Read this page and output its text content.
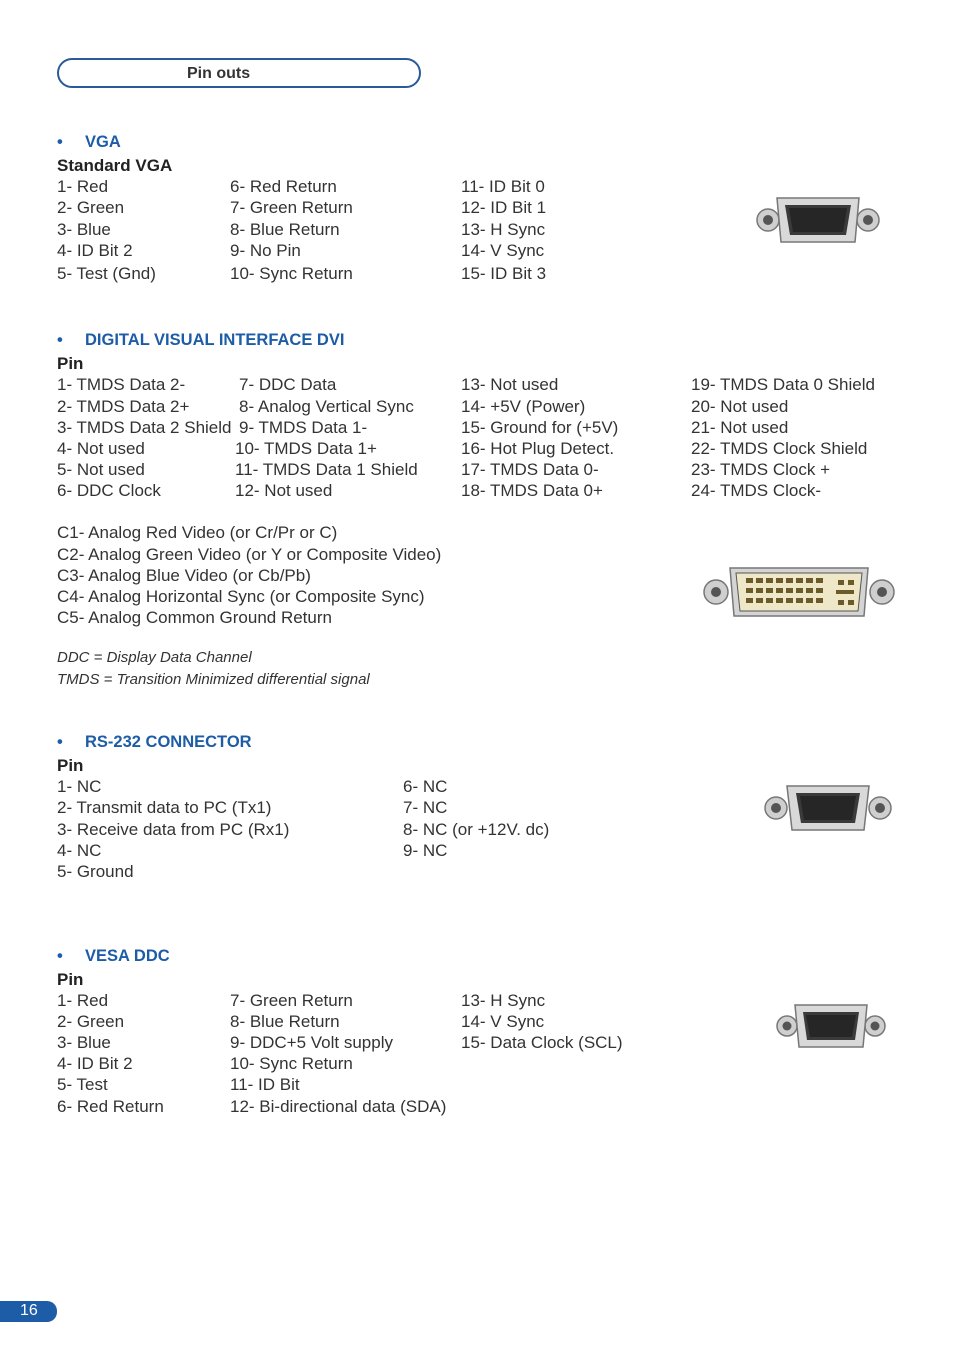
Pin outs
• VGA
Standard VGA
1- Red
2- Green
3- Blue
4- ID Bit 2
5- Test (Gnd)
6- Red Return
7- Green Return
8- Blue Return
9- No Pin
10- Sync Return
11- ID Bit 0
12- ID Bit 1
13- H Sync
14- V Sync
15- ID Bit 3
• DIGITAL VISUAL INTERFACE DVI
Pin
1- TMDS Data 2-
2- TMDS Data 2+
3- TMDS Data 2 Shield
4- Not used
5- Not used
6- DDC Clock
7- DDC Data
8- Analog Vertical Sync
9- TMDS Data 1-
10- TMDS Data 1+
11- TMDS Data 1 Shield
12- Not used
13- Not used
14- +5V (Power)
15- Ground for (+5V)
16- Hot Plug Detect.
17- TMDS Data 0-
18- TMDS Data 0+
19- TMDS Data 0 Shield
20- Not used
21- Not used
22- TMDS Clock Shield
23- TMDS Clock +
24- TMDS Clock-
C1- Analog Red Video (or Cr/Pr or C)
C2- Analog Green Video (or Y or Composite Video)
C3- Analog Blue Video (or Cb/Pb)
C4- Analog Horizontal Sync (or Composite Sync)
C5- Analog Common Ground Return
DDC = Display Data Channel
TMDS = Transition Minimized differential signal
• RS-232 CONNECTOR
Pin
1- NC
2- Transmit data to PC (Tx1)
3- Receive data from PC (Rx1)
4- NC
5- Ground
6- NC
7- NC
8- NC (or +12V. dc)
9- NC
• VESA DDC
Pin
1- Red
2- Green
3- Blue
4- ID Bit 2
5- Test
6- Red Return
7- Green Return
8- Blue Return
9- DDC+5 Volt supply
10- Sync Return
11- ID Bit
12- Bi-directional data (SDA)
13- H Sync
14- V Sync
15- Data Clock (SCL)
16
